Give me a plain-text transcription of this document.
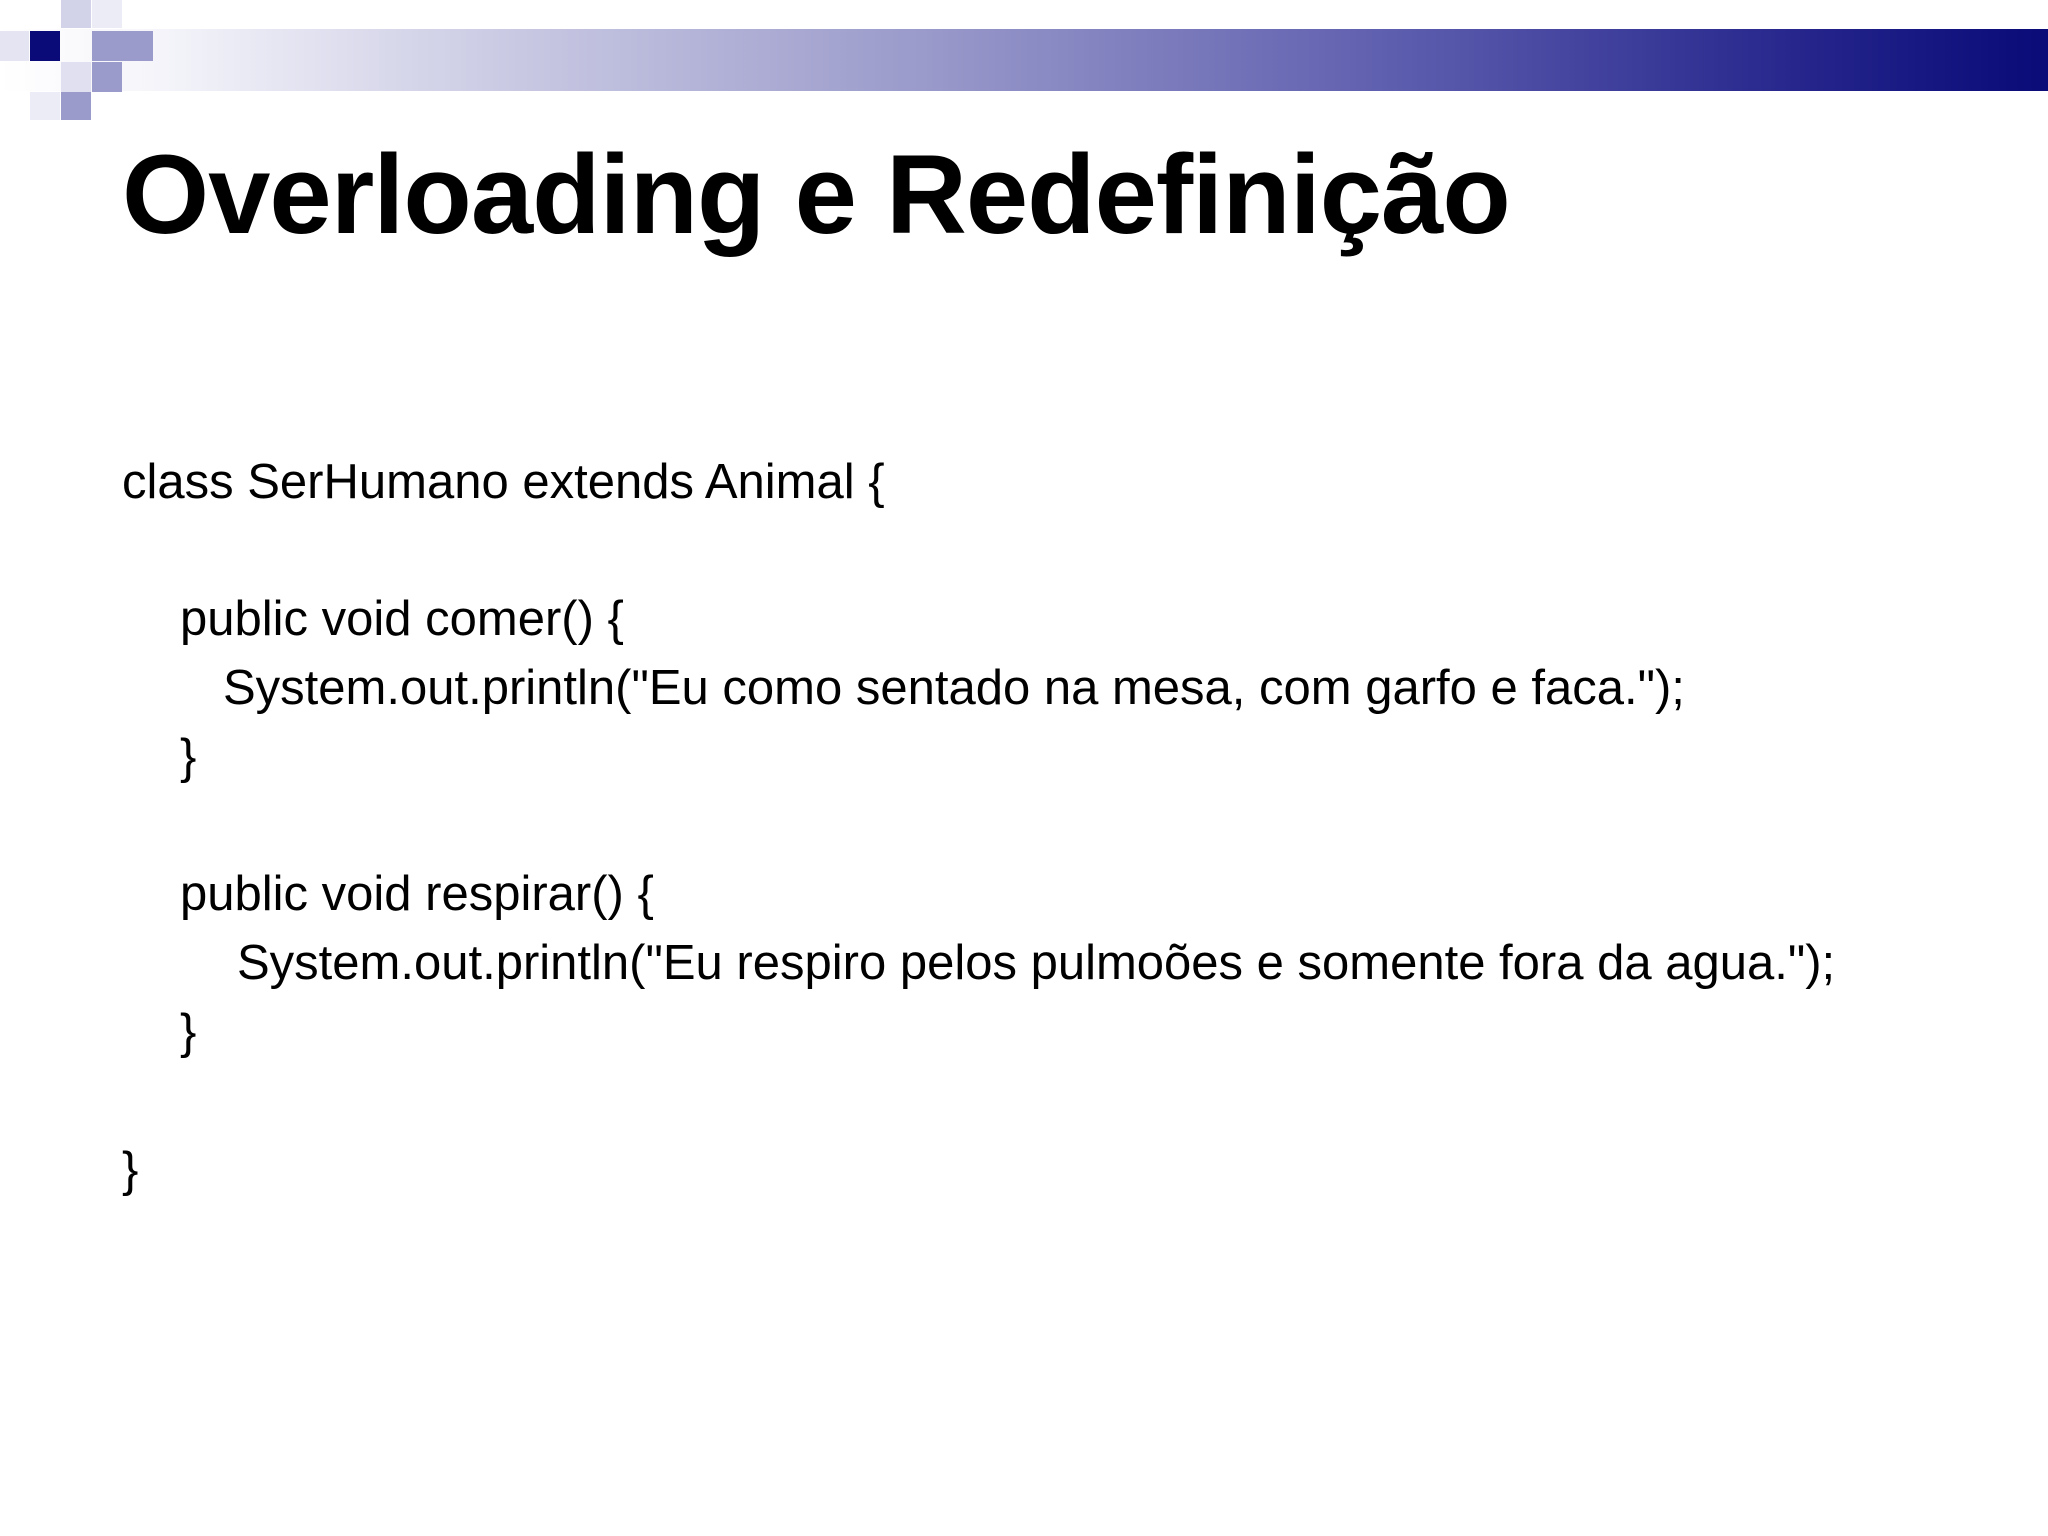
Overloading e Redefinição
class SerHumano extends Animal {
public void comer() {
System.out.println("Eu como sentado na mesa, com garfo e faca.");
}
public void respirar() {
System.out.println("Eu respiro pelos pulmoões e somente fora da agua.");
}
}
